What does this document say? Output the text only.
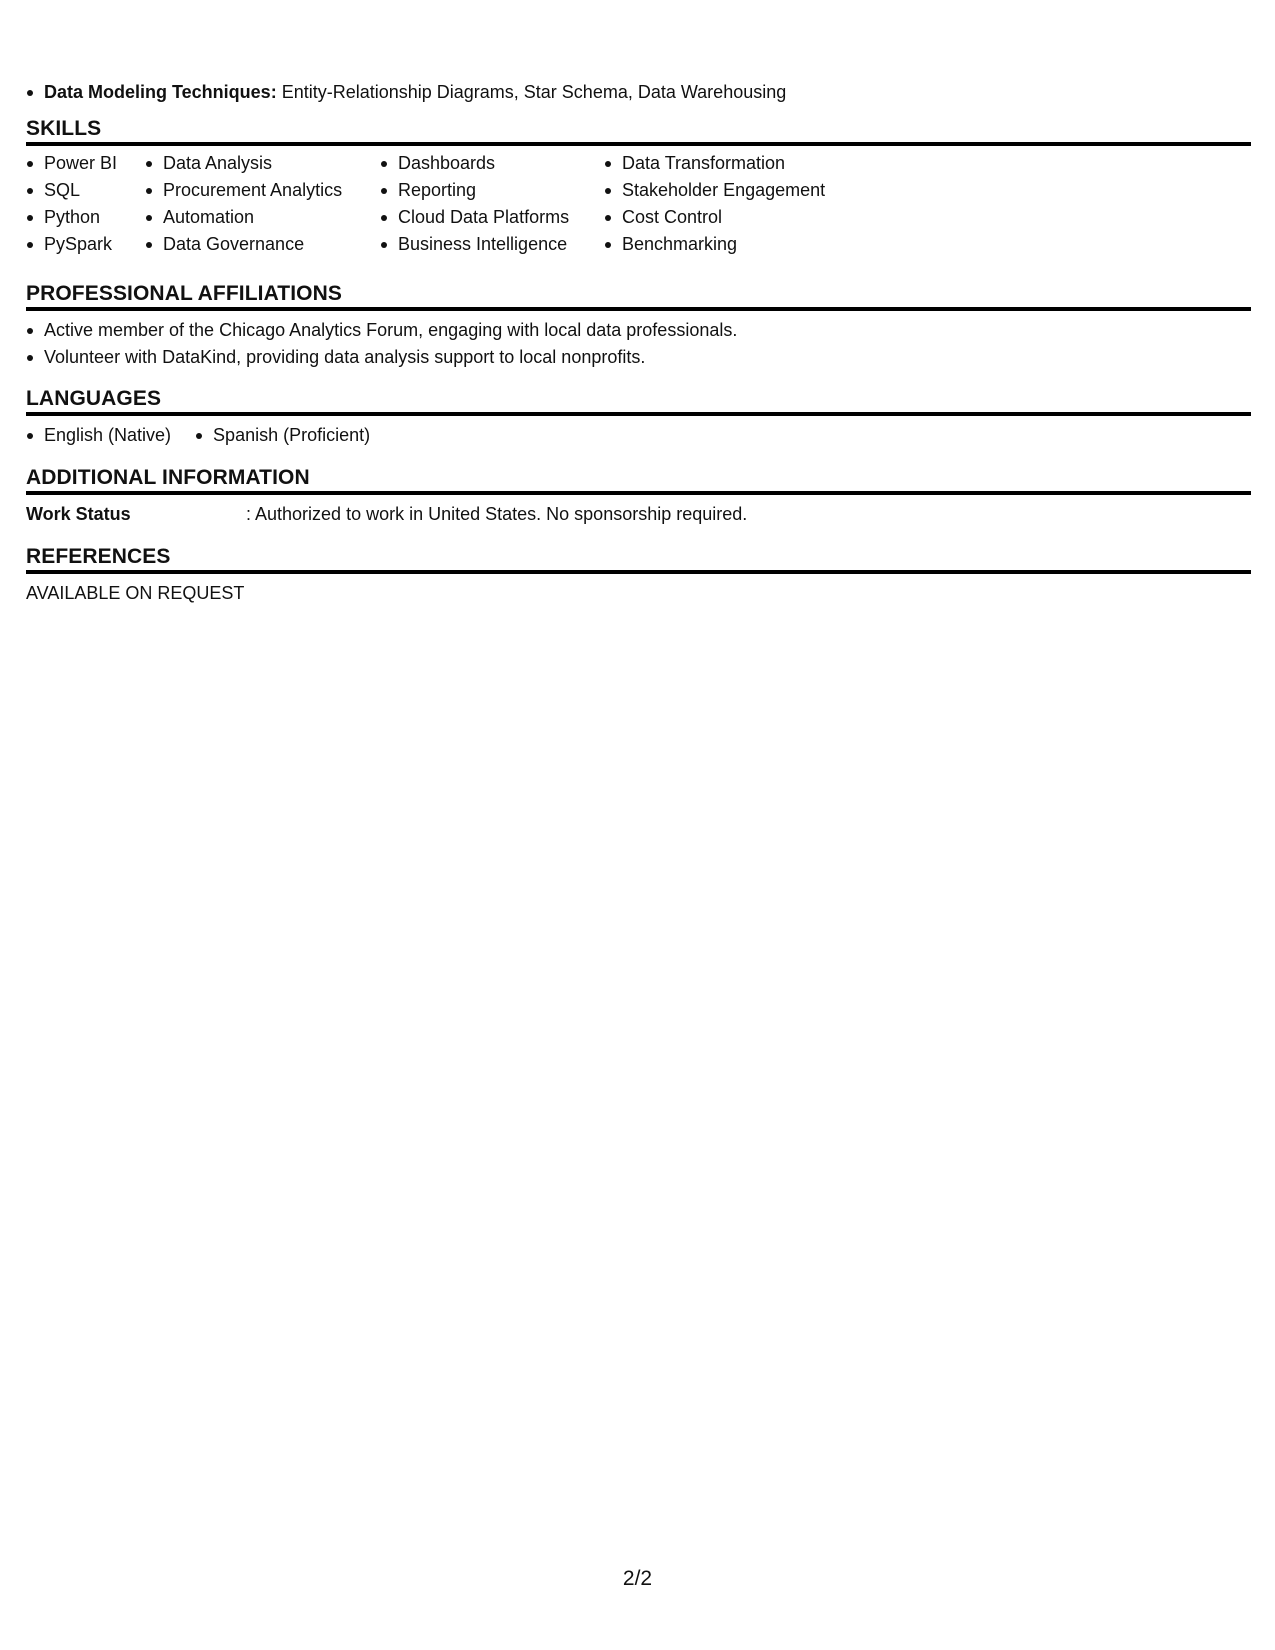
Data Modeling Techniques: Entity-Relationship Diagrams, Star Schema, Data Warehousing
SKILLS
Power BI
SQL
Python
PySpark
Data Analysis
Procurement Analytics
Automation
Data Governance
Dashboards
Reporting
Cloud Data Platforms
Business Intelligence
Data Transformation
Stakeholder Engagement
Cost Control
Benchmarking
PROFESSIONAL AFFILIATIONS
Active member of the Chicago Analytics Forum, engaging with local data professionals.
Volunteer with DataKind, providing data analysis support to local nonprofits.
LANGUAGES
English (Native)	Spanish (Proficient)
ADDITIONAL INFORMATION
Work Status	: Authorized to work in United States. No sponsorship required.
REFERENCES
AVAILABLE ON REQUEST
2/2
